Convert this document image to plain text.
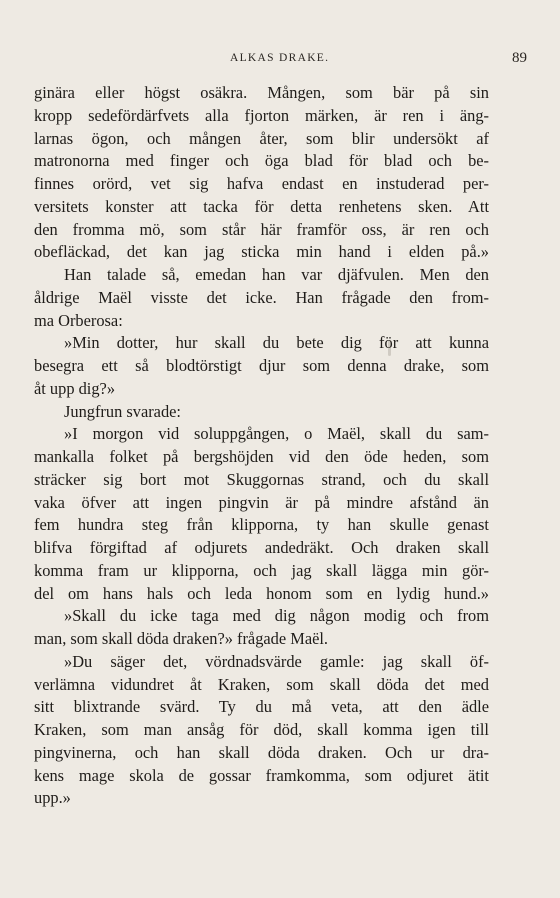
ALKAS DRAKE.	89
ginära eller högst osäkra. Mången, som bär på sin
kropp sedefördärfvets alla fjorton märken, är ren i äng-
larnas ögon, och mången åter, som blir undersökt af
matronorna med finger och öga blad för blad och be-
finnes orörd, vet sig hafva endast en instuderad per-
versitets konster att tacka för detta renhetens sken. Att
den fromma mö, som står här framför oss, är ren och
obefläckad, det kan jag sticka min hand i elden på.»
Han talade så, emedan han var djäfvulen. Men den
åldrige Maël visste det icke. Han frågade den from-
ma Orberosa:
»Min dotter, hur skall du bete dig för att kunna
besegra ett så blodtörstigt djur som denna drake, som
åt upp dig?»
Jungfrun svarade:
»I morgon vid soluppgången, o Maël, skall du sam-
mankalla folket på bergshöjden vid den öde heden, som
sträcker sig bort mot Skuggornas strand, och du skall
vaka öfver att ingen pingvin är på mindre afstånd än
fem hundra steg från klipporna, ty han skulle genast
blifva förgiftad af odjurets andedräkt. Och draken skall
komma fram ur klipporna, och jag skall lägga min gör-
del om hans hals och leda honom som en lydig hund.»
»Skall du icke taga med dig någon modig och from
man, som skall döda draken?» frågade Maël.
»Du säger det, vördnadsvärde gamle: jag skall öf-
verlämna vidundret åt Kraken, som skall döda det med
sitt blixtrande svärd. Ty du må veta, att den ädle
Kraken, som man ansåg för död, skall komma igen till
pingvinerna, och han skall döda draken. Och ur dra-
kens mage skola de gossar framkomma, som odjuret ätit
upp.»
